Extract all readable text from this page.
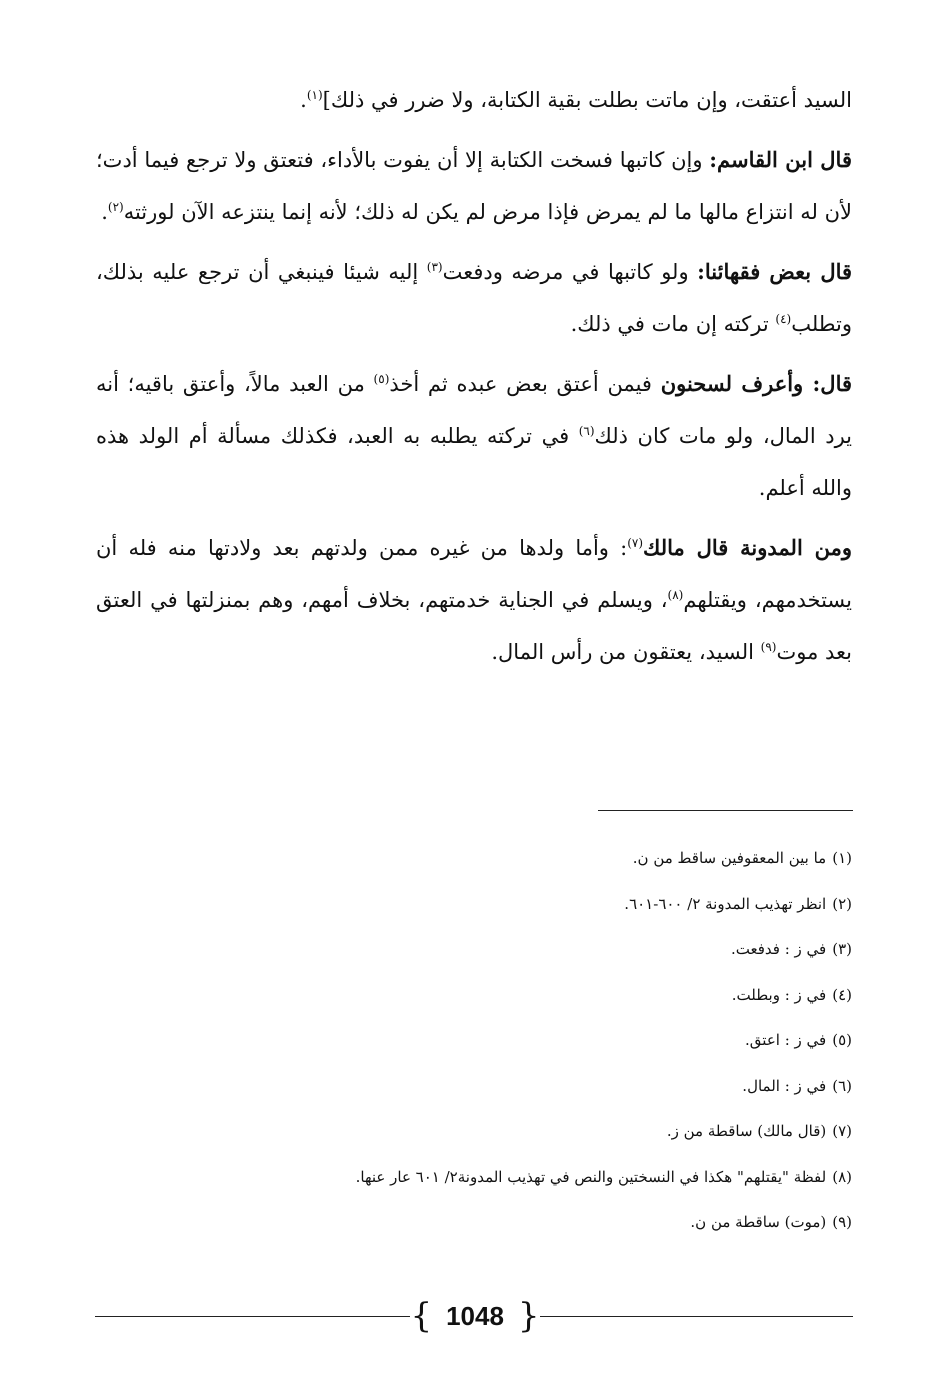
السيد أعتقت، وإن ماتت بطلت بقية الكتابة، ولا ضرر في ذلك]$^{(١)}$.

قال ابن القاسم: وإن كاتبها فسخت الكتابة إلا أن يفوت بالأداء، فتعتق ولا ترجع فيما أدت؛ لأن له انتزاع مالها ما لم يمرض فإذا مرض لم يكن له ذلك؛ لأنه إنما ينتزعه الآن لورثته$^{(٢)}$.

قال بعض فقهائنا: ولو كاتبها في مرضه ودفعت$^{(٣)}$ إليه شيئا فينبغي أن ترجع عليه بذلك، وتطلب$^{(٤)}$ تركته إن مات في ذلك.

قال: وأعرف لسحنون فيمن أعتق بعض عبده ثم أخذ$^{(٥)}$ من العبد مالاً، وأعتق باقيه؛ أنه يرد المال، ولو مات كان ذلك$^{(٦)}$ في تركته يطلبه به العبد، فكذلك مسألة أم الولد هذه والله أعلم.

ومن المدونة قال مالك$^{(٧)}$: وأما ولدها من غيره ممن ولدتهم بعد ولادتها منه فله أن يستخدمهم، ويقتلهم$^{(٨)}$، ويسلم في الجناية خدمتهم، بخلاف أمهم، وهم بمنزلتها في العتق بعد موت$^{(٩)}$ السيد، يعتقون من رأس المال.

(١)ما بين المعقوفين ساقط من ن.
(٢)انظر تهذيب المدونة ٢/ ٦٠٠-٦٠١.
(٣)في ز : فدفعت.
(٤)في ز : وبطلت.
(٥)في ز : اعتق.
(٦)في ز : المال.
(٧)(قال مالك) ساقطة من ز.
(٨)لفظة "يقتلهم" هكذا في النسختين والنص في تهذيب المدونة٢/ ٦٠١ عار عنها.
(٩)(موت) ساقطة من ن.
{ 1048 }
